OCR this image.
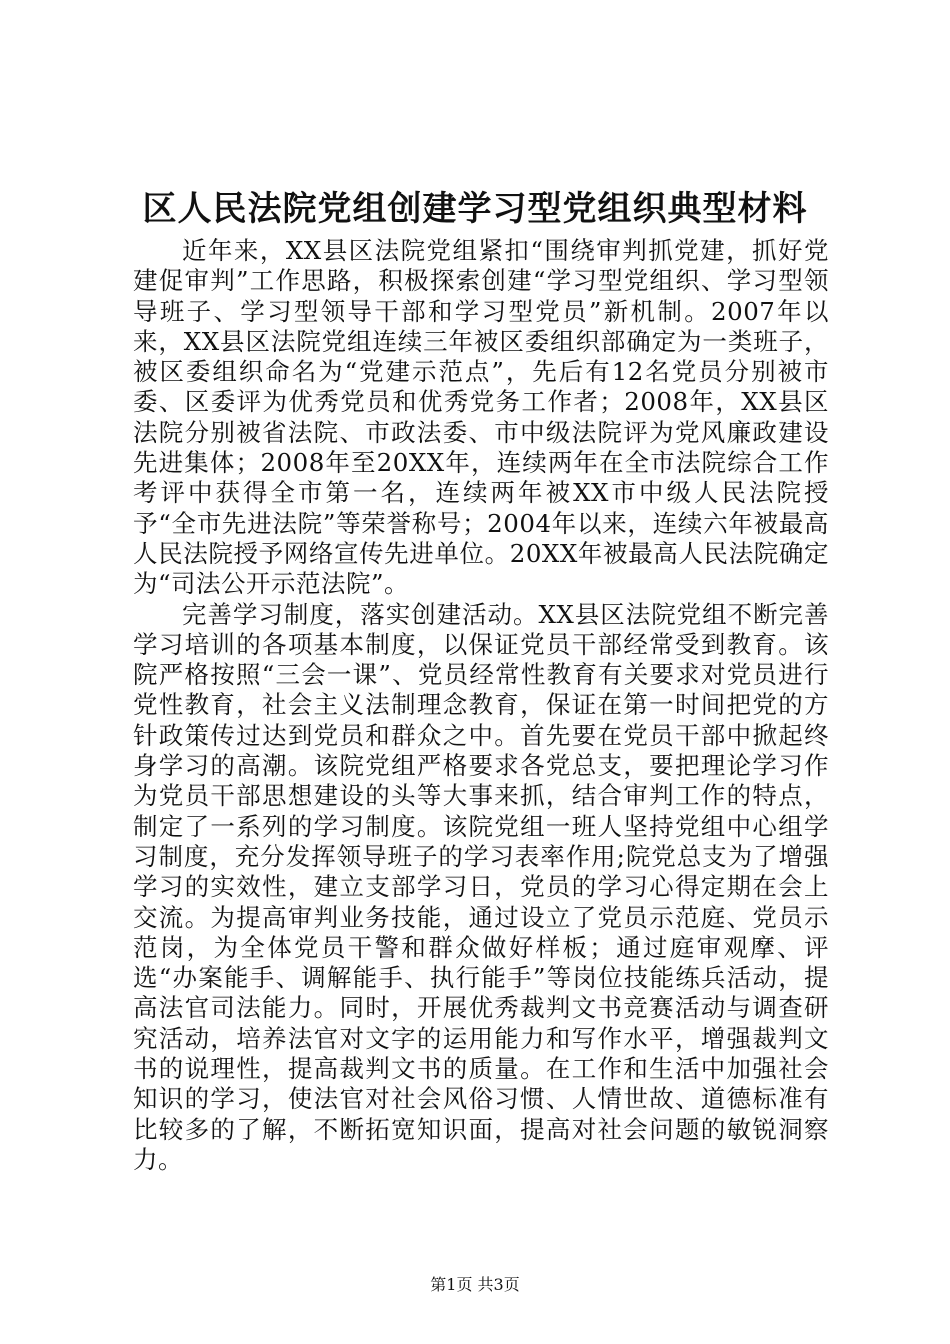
区人民法院党组创建学习型党组织典型材料

近年来，XX县区法院党组紧扣“围绕审判抓党建，抓好党建促审判”工作思路，积极探索创建“学习型党组织、学习型领导班子、学习型领导干部和学习型党员”新机制。2007年以来，XX县区法院党组连续三年被区委组织部确定为一类班子，被区委组织命名为“党建示范点”，先后有12名党员分别被市委、区委评为优秀党员和优秀党务工作者；2008年，XX县区法院分别被省法院、市政法委、市中级法院评为党风廉政建设先进集体；2008年至20XX年，连续两年在全市法院综合工作考评中获得全市第一名，连续两年被XX市中级人民法院授予“全市先进法院”等荣誉称号；2004年以来，连续六年被最高人民法院授予网络宣传先进单位。20XX年被最高人民法院确定为“司法公开示范法院”。

完善学习制度，落实创建活动。XX县区法院党组不断完善学习培训的各项基本制度，以保证党员干部经常受到教育。该院严格按照“三会一课”、党员经常性教育有关要求对党员进行党性教育，社会主义法制理念教育，保证在第一时间把党的方针政策传过达到党员和群众之中。首先要在党员干部中掀起终身学习的高潮。该院党组严格要求各党总支，要把理论学习作为党员干部思想建设的头等大事来抓，结合审判工作的特点，制定了一系列的学习制度。该院党组一班人坚持党组中心组学习制度，充分发挥领导班子的学习表率作用;院党总支为了增强学习的实效性，建立支部学习日，党员的学习心得定期在会上交流。为提高审判业务技能，通过设立了党员示范庭、党员示范岗，为全体党员干警和群众做好样板；通过庭审观摩、评选“办案能手、调解能手、执行能手”等岗位技能练兵活动，提高法官司法能力。同时，开展优秀裁判文书竞赛活动与调查研究活动，培养法官对文字的运用能力和写作水平，增强裁判文书的说理性，提高裁判文书的质量。在工作和生活中加强社会知识的学习，使法官对社会风俗习惯、人情世故、道德标准有比较多的了解，不断拓宽知识面，提高对社会问题的敏锐洞察力。

第1页 共3页
